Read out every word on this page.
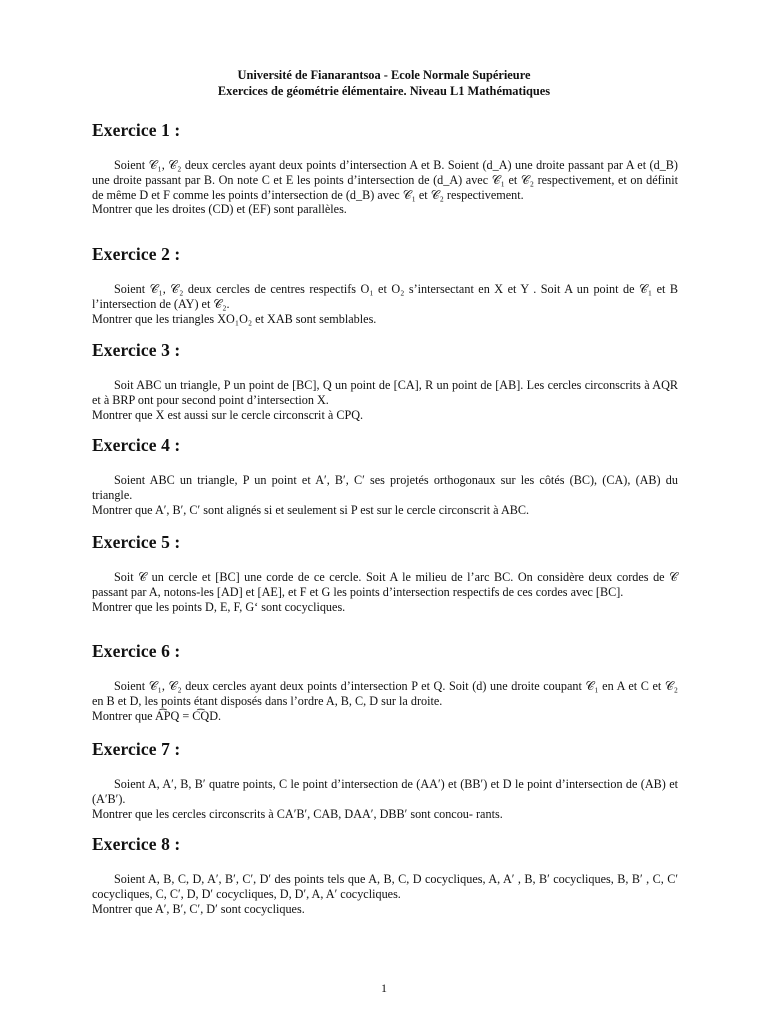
Université de Fianarantsoa - Ecole Normale Supérieure
Exercices de géométrie élémentaire. Niveau L1 Mathématiques
Exercice 1 :

Soient 𝒞₁, 𝒞₂ deux cercles ayant deux points d’intersection A et B. Soient (d_A) une droite passant par A et (d_B) une droite passant par B. On note C et E les points d’intersection de (d_A) avec 𝒞₁ et 𝒞₂ respectivement, et on définit de même D et F comme les points d’intersection de (d_B) avec 𝒞₁ et 𝒞₂ respectivement.

Montrer que les droites (CD) et (EF) sont parallèles.

Exercice 2 :

Soient 𝒞₁, 𝒞₂ deux cercles de centres respectifs O₁ et O₂ s’intersectant en X et Y . Soit A un point de 𝒞₁ et B l’intersection de (AY) et 𝒞₂.

Montrer que les triangles XO₁O₂ et XAB sont semblables.

Exercice 3 :

Soit ABC un triangle, P un point de [BC], Q un point de [CA], R un point de [AB]. Les cercles circonscrits à AQR et à BRP ont pour second point d’intersection X.

Montrer que X est aussi sur le cercle circonscrit à CPQ.

Exercice 4 :

Soient ABC un triangle, P un point et A′, B′, C′ ses projetés orthogonaux sur les côtés (BC), (CA), (AB) du triangle.

Montrer que A′, B′, C′ sont alignés si et seulement si P est sur le cercle circonscrit à ABC.

Exercice 5 :

Soit 𝒞 un cercle et [BC] une corde de ce cercle. Soit A le milieu de l’arc BC. On considère deux cordes de 𝒞 passant par A, notons-les [AD] et [AE], et F et G les points d’intersection respectifs de ces cordes avec [BC].

Montrer que les points D, E, F, G‘ sont cocycliques.

Exercice 6 :

Soient 𝒞₁, 𝒞₂ deux cercles ayant deux points d’intersection P et Q. Soit (d) une droite coupant 𝒞₁ en A et C et 𝒞₂ en B et D, les points étant disposés dans l’ordre A, B, C, D sur la droite.

Montrer que A͡PQ = C͡QD.

Exercice 7 :

Soient A, A′, B, B′ quatre points, C le point d’intersection de (AA′) et (BB′) et D le point d’intersection de (AB) et (A′B′).

Montrer que les cercles circonscrits à CA′B′, CAB, DAA′, DBB′ sont concou- rants.

Exercice 8 :

Soient A, B, C, D, A′, B′, C′, D′ des points tels que A, B, C, D cocycliques, A, A′ , B, B′ cocycliques, B, B′ , C, C′ cocycliques, C, C′, D, D′ cocycliques, D, D′, A, A′ cocycliques.

Montrer que A′, B′, C′, D′ sont cocycliques.

1
